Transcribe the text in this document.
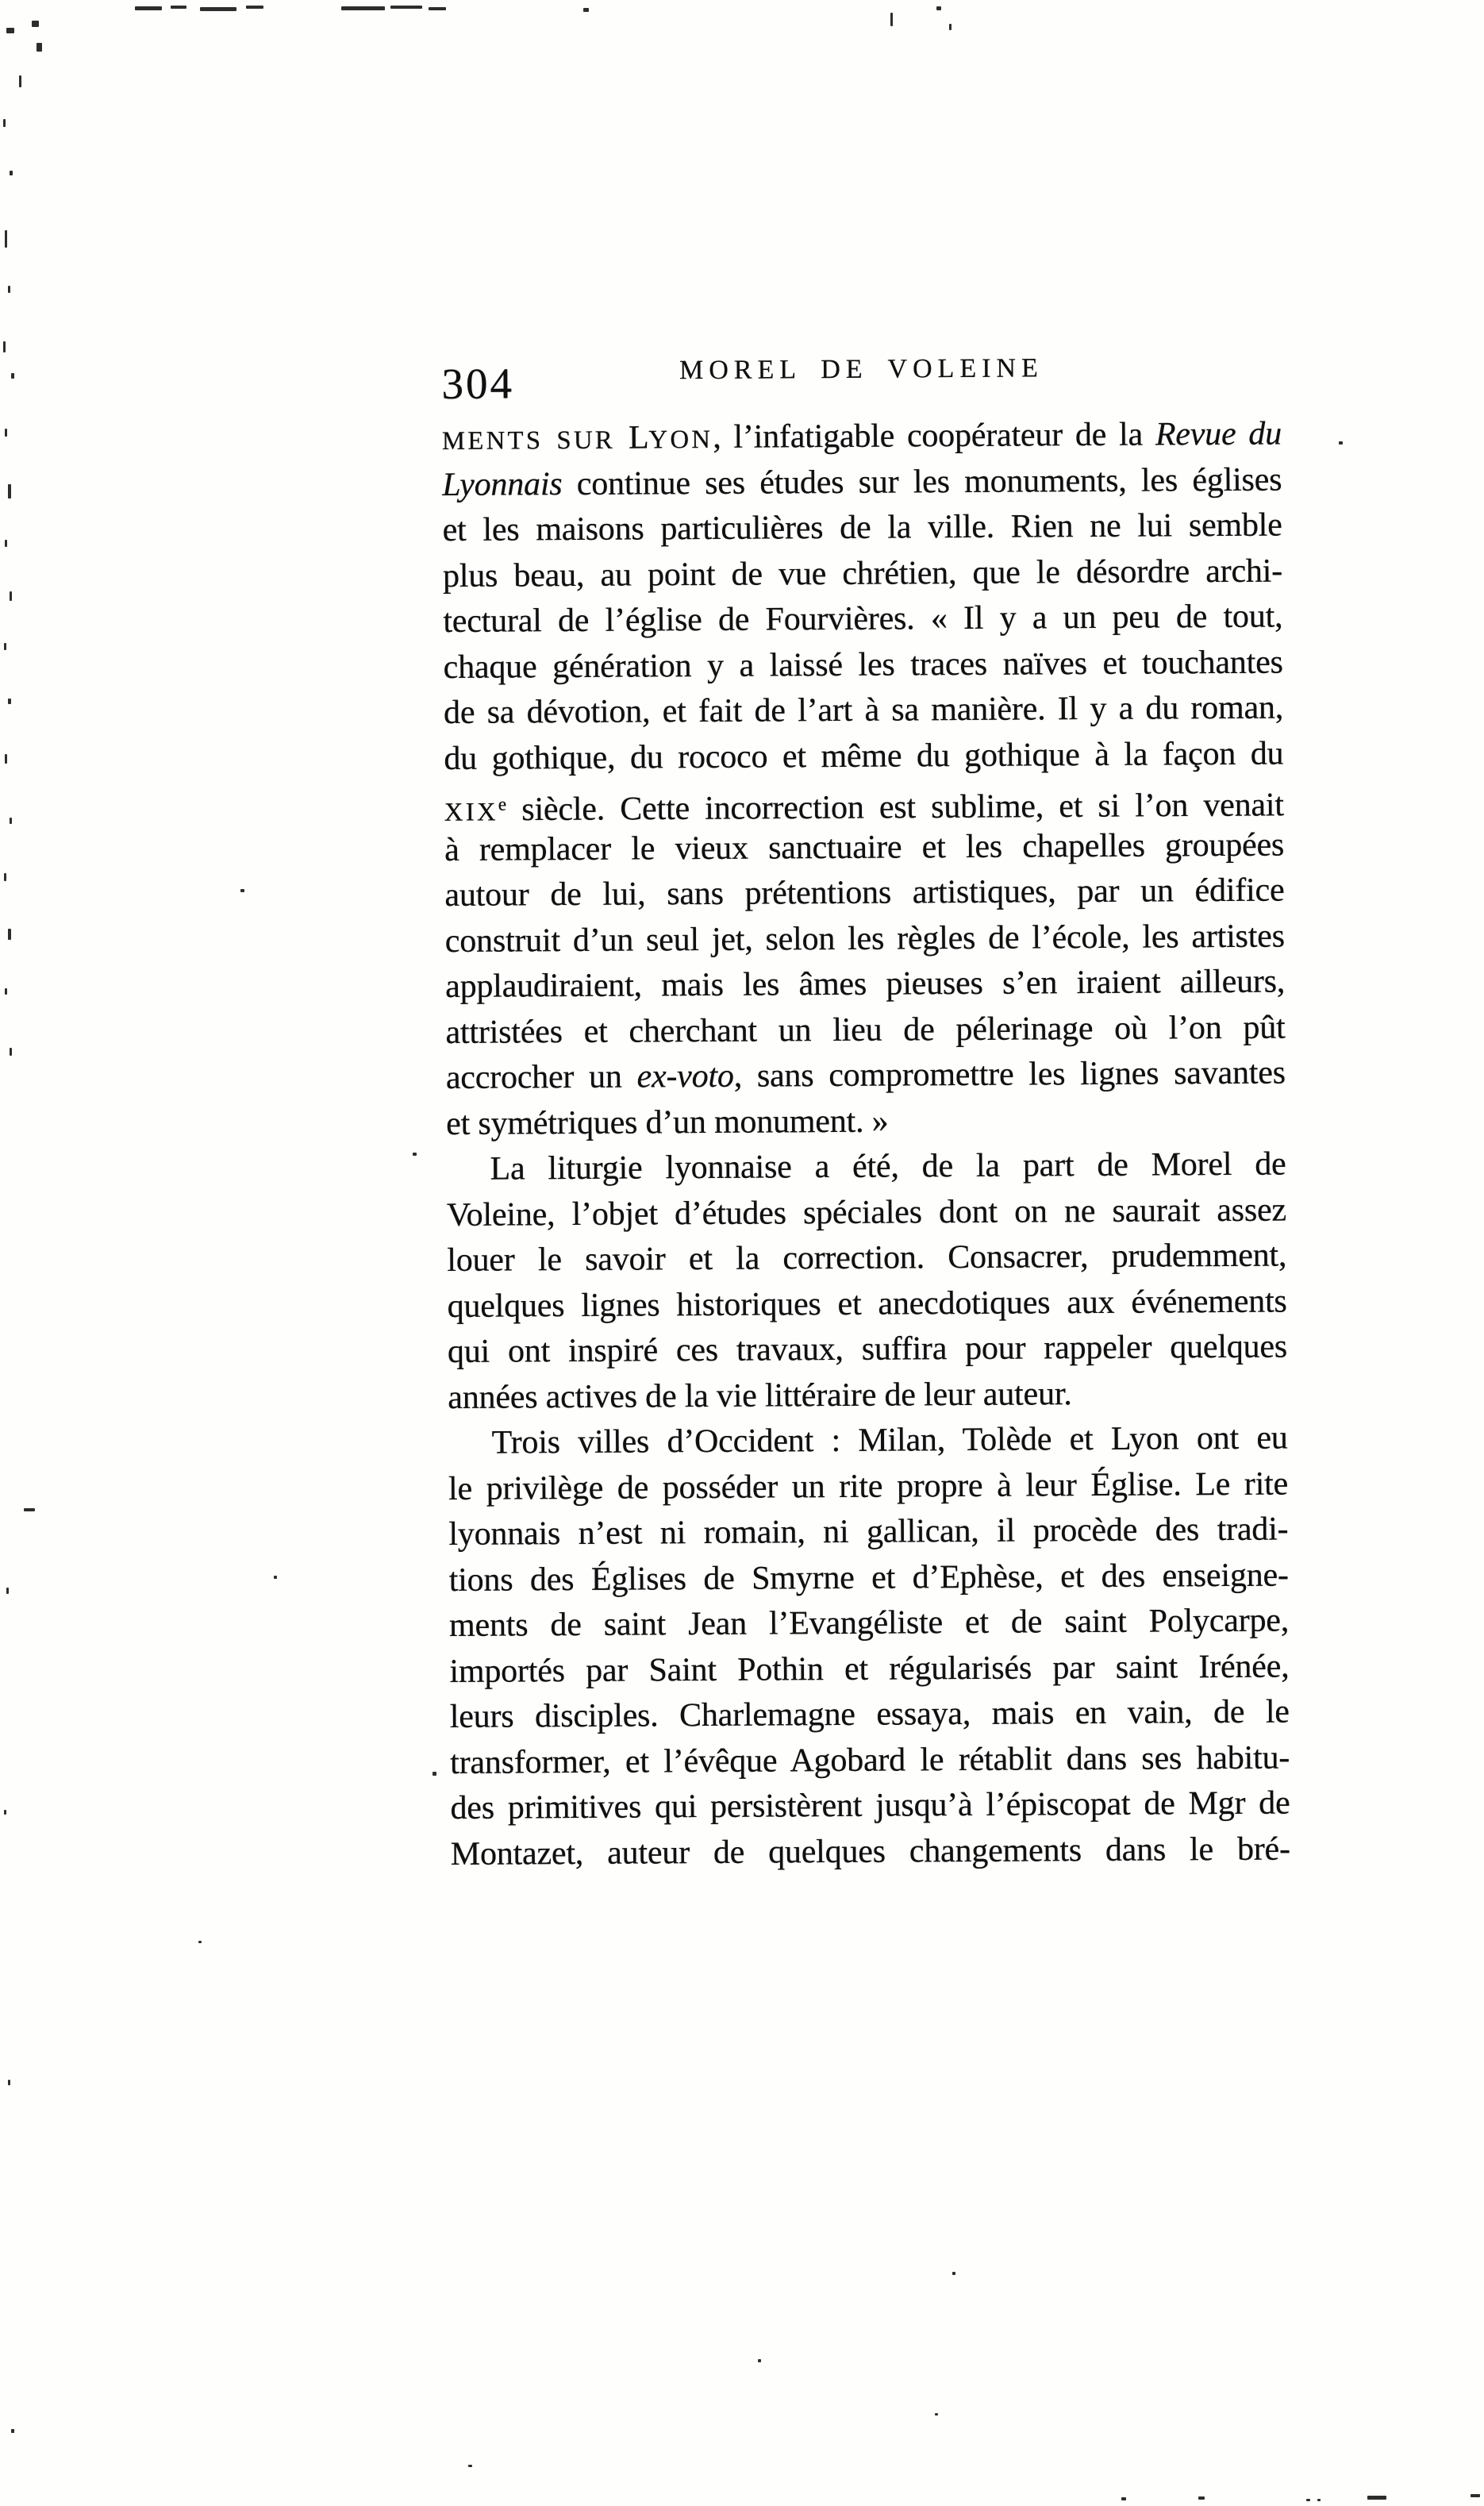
304	MOREL DE VOLEINE
MENTS SUR LYON, l’infatigable coopérateur de la Revue du
Lyonnais continue ses études sur les monuments, les églises
et les maisons particulières de la ville. Rien ne lui semble
plus beau, au point de vue chrétien, que le désordre archi-
tectural de l’église de Fourvières. « Il y a un peu de tout,
chaque génération y a laissé les traces naïves et touchantes
de sa dévotion, et fait de l’art à sa manière. Il y a du roman,
du gothique, du rococo et même du gothique à la façon du
XIXe siècle. Cette incorrection est sublime, et si l’on venait
à remplacer le vieux sanctuaire et les chapelles groupées
autour de lui, sans prétentions artistiques, par un édifice
construit d’un seul jet, selon les règles de l’école, les artistes
applaudiraient, mais les âmes pieuses s’en iraient ailleurs,
attristées et cherchant un lieu de pélerinage où l’on pût
accrocher un ex-voto, sans compromettre les lignes savantes
et symétriques d’un monument. »
La liturgie lyonnaise a été, de la part de Morel de
Voleine, l’objet d’études spéciales dont on ne saurait assez
louer le savoir et la correction. Consacrer, prudemment,
quelques lignes historiques et anecdotiques aux événements
qui ont inspiré ces travaux, suffira pour rappeler quelques
années actives de la vie littéraire de leur auteur.
Trois villes d’Occident : Milan, Tolède et Lyon ont eu
le privilège de posséder un rite propre à leur Église. Le rite
lyonnais n’est ni romain, ni gallican, il procède des tradi-
tions des Églises de Smyrne et d’Ephèse, et des enseigne-
ments de saint Jean l’Evangéliste et de saint Polycarpe,
importés par Saint Pothin et régularisés par saint Irénée,
leurs disciples. Charlemagne essaya, mais en vain, de le
transformer, et l’évêque Agobard le rétablit dans ses habitu-
des primitives qui persistèrent jusqu’à l’épiscopat de Mgr de
Montazet, auteur de quelques changements dans le bré-
